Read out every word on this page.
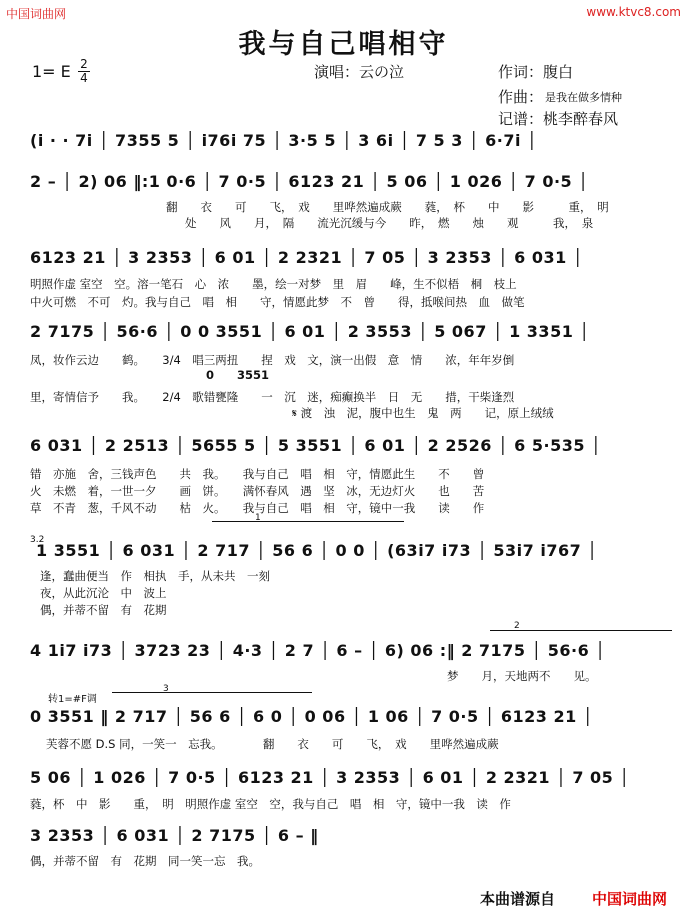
中国词曲网	www.ktvc8.com
我与自己唱相守
1= E $\frac{2}{4}$	演唱：云の泣	作词：腹白
作曲： 是我在做多情种
记谱：桃李醉春风
(i · · 7i │ 7355 5 │ i76i 75 │ 3·5 5 │ 3 6i │ 7 5 3 │ 6·7i │
2 – │ 2) 06 ‖:1 0·6 │ 7 0·5 │ 6123 21 │ 5 06 │ 1 026 │ 7 0·5 │
翻　　衣　　可　　飞，　戏　　里哗然遍成蕨　　蕤，　杯　　中　　影　　　重，　明
处　　风　　月，　隔　　流光沉缓与今　　昨，　燃　　烛　　观　　　我，　泉
6123 21 │ 3 2353 │ 6 01 │ 2 2321 │ 7 05 │ 3 2353 │ 6 031 │
明照作虚 室空　空。溶一笔石　心　浓　　墨，绘一对梦　里　眉　　峰，生不似梧　桐　枝上
中火可燃　不可　灼。我与自己　唱　相　　守，情愿此梦　不　曾　　得，抵喉间热　血　做笔
2 7175 │ 56·6 │ 0 0 3551 │ 6 01 │ 2 3553 │ 5 067 │ 1 3351 │
凤，妆作云边　　鹤。　　3/4　唱三两扭　　捏　戏　文，演一出假　意　情　　浓，年年岁倒
0　　3551
里，寄情信予　　我。　　2/4　歌错甕隆　　一　沉　迷，痴癫换半　日　无　　措，干柴逢烈
𝄋 渡　浊　泥，腹中也生　鬼　两　　记，原上绒绒
6 031 │ 2 2513 │ 5655 5 │ 5 3551 │ 6 01 │ 2 2526 │ 6 5·535 │
错　亦施　舍，三钱声色　　共　我。　　我与自己　唱　相　守，情愿此生　　不　　曾
火　未燃　着，一世一夕　　画　饼。　　满怀春风　遇　坚　冰，无边灯火　　也　　苦
草　不青　葱，千风不动　　枯　火。　　我与自己　唱　相　守，镜中一我　　读　　作
1
3.2
1 3551 │ 6 031 │ 2 717 │ 56 6 │ 0 0 │ (63i7 i73 │ 53i7 i767 │
逢，蠢曲便当　作　相执　手，从未共　一刻
夜，从此沉沦　中　波上
偶，并蒂不留　有　花期
2
4 1i7 i73 │ 3723 23 │ 4·3 │ 2 7 │ 6 – │ 6) 06 :‖ 2 7175 │ 56·6 │
梦　　月，天地两不　　见。
转1=#F调
3
0 3551 ‖ 2 717 │ 56 6 │ 6 0 │ 0 06 │ 1 06 │ 7 0·5 │ 6123 21 │
芙蓉不愿 D.S 同，一笑一　忘我。　　　　翻　　衣　　可　　飞，　戏　　里哗然遍成蕨
5 06 │ 1 026 │ 7 0·5 │ 6123 21 │ 3 2353 │ 6 01 │ 2 2321 │ 7 05 │
蕤，杯　中　影　　重，　明　明照作虚 室空　空，我与自己　唱　相　守，镜中一我　读　作
3 2353 │ 6 031 │ 2 7175 │ 6 – ‖
偶，并蒂不留　有　花期　同一笑一忘　我。
本曲谱源自 中国词曲网
